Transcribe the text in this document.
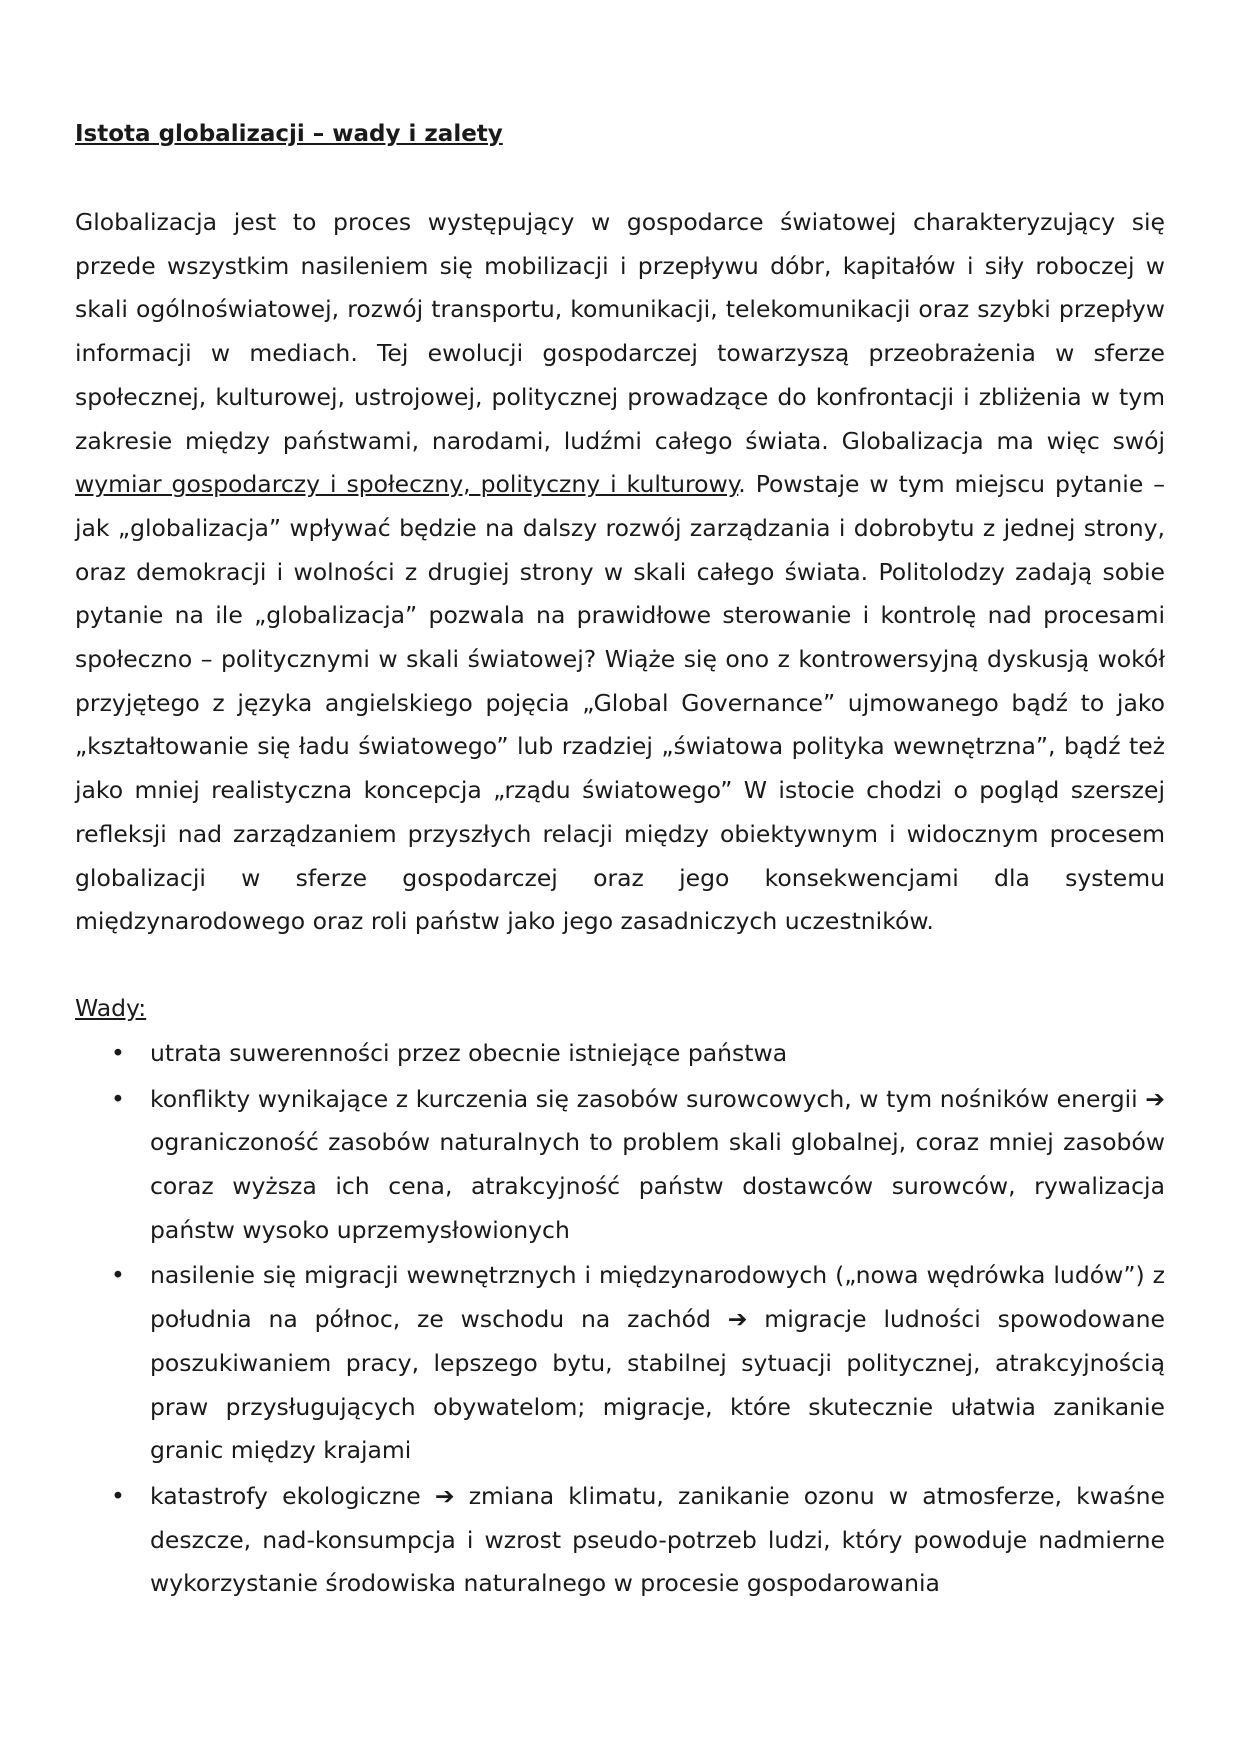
Istota globalizacji – wady i zalety

Globalizacja jest to proces występujący w gospodarce światowej charakteryzujący się przede wszystkim nasileniem się mobilizacji i przepływu dóbr, kapitałów i siły roboczej w skali ogólnoświatowej, rozwój transportu, komunikacji, telekomunikacji oraz szybki przepływ informacji w mediach. Tej ewolucji gospodarczej towarzyszą przeobrażenia w sferze społecznej, kulturowej, ustrojowej, politycznej prowadzące do konfrontacji i zbliżenia w tym zakresie między państwami, narodami, ludźmi całego świata. Globalizacja ma więc swój wymiar gospodarczy i społeczny, polityczny i kulturowy. Powstaje w tym miejscu pytanie – jak „globalizacja” wpływać będzie na dalszy rozwój zarządzania i dobrobytu z jednej strony, oraz demokracji i wolności z drugiej strony w skali całego świata. Politolodzy zadają sobie pytanie na ile „globalizacja” pozwala na prawidłowe sterowanie i kontrolę nad procesami społeczno – politycznymi w skali światowej? Wiąże się ono z kontrowersyjną dyskusją wokół przyjętego z języka angielskiego pojęcia „Global Governance” ujmowanego bądź to jako „kształtowanie się ładu światowego” lub rzadziej „światowa polityka wewnętrzna”, bądź też jako mniej realistyczna koncepcja „rządu światowego” W istocie chodzi o pogląd szerszej refleksji nad zarządzaniem przyszłych relacji między obiektywnym i widocznym procesem globalizacji w sferze gospodarczej oraz jego konsekwencjami dla systemu międzynarodowego oraz roli państw jako jego zasadniczych uczestników.

Wady:
• utrata suwerenności przez obecnie istniejące państwa
• konflikty wynikające z kurczenia się zasobów surowcowych, w tym nośników energii ➔ ograniczoność zasobów naturalnych to problem skali globalnej, coraz mniej zasobów coraz wyższa ich cena, atrakcyjność państw dostawców surowców, rywalizacja państw wysoko uprzemysłowionych
• nasilenie się migracji wewnętrznych i międzynarodowych („nowa wędrówka ludów”) z południa na północ, ze wschodu na zachód ➔ migracje ludności spowodowane poszukiwaniem pracy, lepszego bytu, stabilnej sytuacji politycznej, atrakcyjnością praw przysługujących obywatelom; migracje, które skutecznie ułatwia zanikanie granic między krajami
• katastrofy ekologiczne ➔ zmiana klimatu, zanikanie ozonu w atmosferze, kwaśne deszcze, nad-konsumpcja i wzrost pseudo-potrzeb ludzi, który powoduje nadmierne wykorzystanie środowiska naturalnego w procesie gospodarowania
